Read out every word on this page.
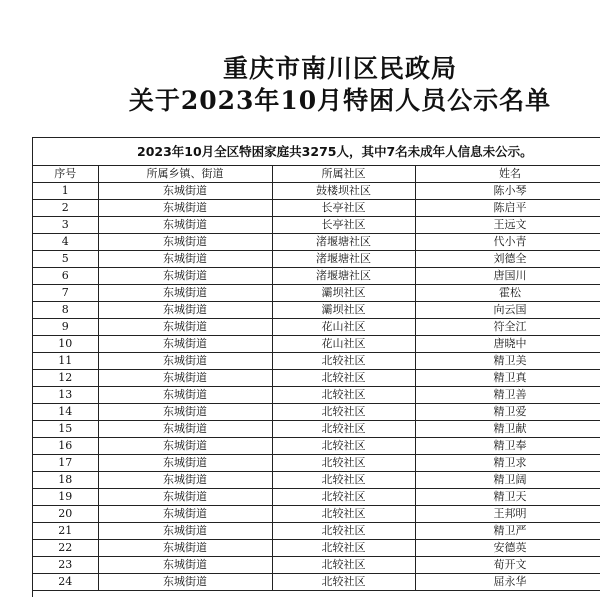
重庆市南川区民政局
关于2023年10月特困人员公示名单
2023年10月全区特困家庭共3275人，其中7名未成年人信息未公示。
序号	所属乡镇、街道	所属社区	姓名
1	东城街道	鼓楼坝社区	陈小琴
2	东城街道	长亭社区	陈启平
3	东城街道	长亭社区	王远文
4	东城街道	渚堰塘社区	代小青
5	东城街道	渚堰塘社区	刘德全
6	东城街道	渚堰塘社区	唐国川
7	东城街道	灞坝社区	霍松
8	东城街道	灞坝社区	向云国
9	东城街道	花山社区	符全江
10	东城街道	花山社区	唐晓中
11	东城街道	北较社区	精卫美
12	东城街道	北较社区	精卫真
13	东城街道	北较社区	精卫善
14	东城街道	北较社区	精卫爱
15	东城街道	北较社区	精卫献
16	东城街道	北较社区	精卫奉
17	东城街道	北较社区	精卫求
18	东城街道	北较社区	精卫阔
19	东城街道	北较社区	精卫天
20	东城街道	北较社区	王邦明
21	东城街道	北较社区	精卫严
22	东城街道	北较社区	安德英
23	东城街道	北较社区	荀开文
24	东城街道	北较社区	屈永华
